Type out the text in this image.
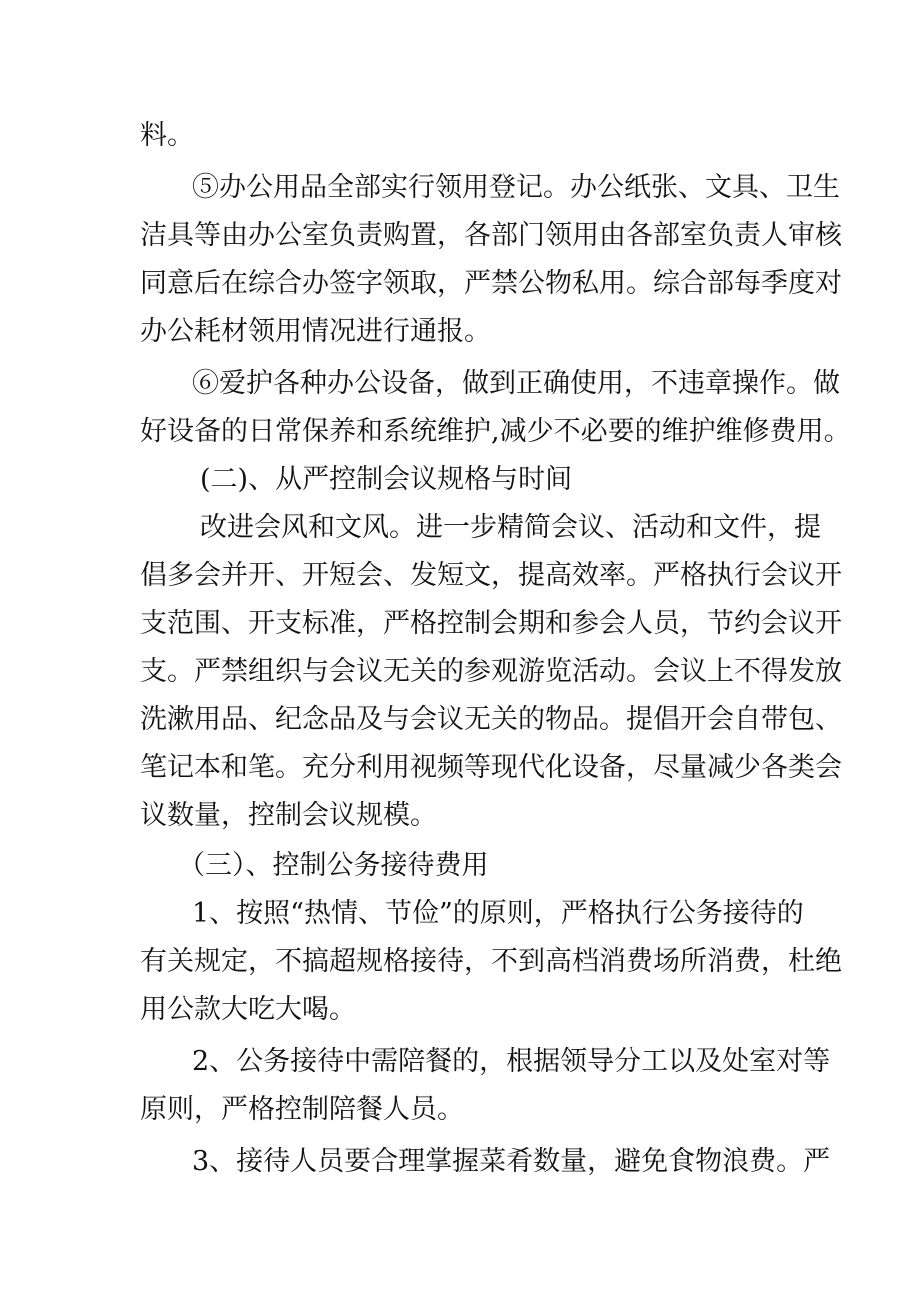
料。
⑤办公用品全部实行领用登记。办公纸张、文具、卫生
洁具等由办公室负责购置，各部门领用由各部室负责人审核
同意后在综合办签字领取，严禁公物私用。综合部每季度对
办公耗材领用情况进行通报。
⑥爱护各种办公设备，做到正确使用，不违章操作。做
好设备的日常保养和系统维护,减少不必要的维护维修费用。
(二)、从严控制会议规格与时间
改进会风和文风。进一步精简会议、活动和文件，提
倡多会并开、开短会、发短文，提高效率。严格执行会议开
支范围、开支标准，严格控制会期和参会人员，节约会议开
支。严禁组织与会议无关的参观游览活动。会议上不得发放
洗漱用品、纪念品及与会议无关的物品。提倡开会自带包、
笔记本和笔。充分利用视频等现代化设备，尽量减少各类会
议数量，控制会议规模。
（三）、控制公务接待费用
1、按照“热情、节俭”的原则，严格执行公务接待的
有关规定，不搞超规格接待，不到高档消费场所消费，杜绝
用公款大吃大喝。
2、公务接待中需陪餐的，根据领导分工以及处室对等
原则，严格控制陪餐人员。
3、接待人员要合理掌握菜肴数量，避免食物浪费。严
